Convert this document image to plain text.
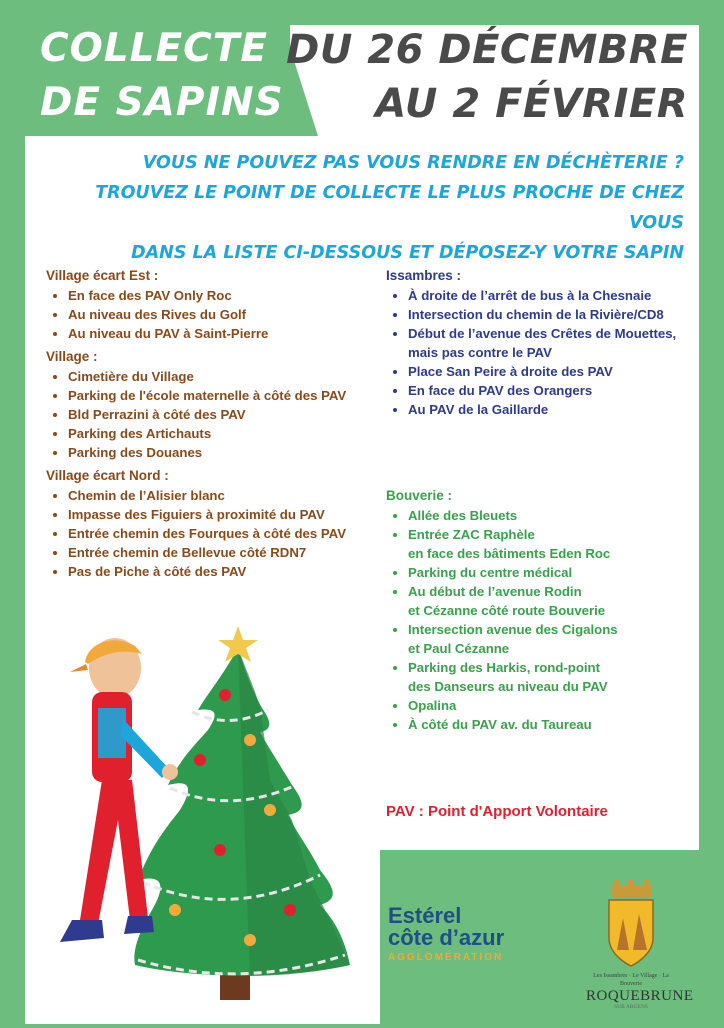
COLLECTE
DE SAPINS
DU 26 DÉCEMBRE
AU 2 FÉVRIER
VOUS NE POUVEZ PAS VOUS RENDRE EN DÉCHÈTERIE ?
TROUVEZ LE POINT DE COLLECTE LE PLUS PROCHE DE CHEZ VOUS
DANS LA LISTE CI-DESSOUS ET DÉPOSEZ-Y VOTRE SAPIN
Village écart Est :
• En face des PAV Only Roc
• Au niveau des Rives du Golf
• Au niveau du PAV à Saint-Pierre
Village :
• Cimetière du Village
• Parking de l'école maternelle à côté des PAV
• Bld Perrazini à côté des PAV
• Parking des Artichauts
• Parking des Douanes
Village écart Nord :
• Chemin de l’Alisier blanc
• Impasse des Figuiers à proximité du PAV
• Entrée chemin des Fourques à côté des PAV
• Entrée chemin de Bellevue côté RDN7
• Pas de Piche à côté des PAV
Issambres :
• À droite de l’arrêt de bus à la Chesnaie
• Intersection du chemin de la Rivière/CD8
• Début de l’avenue des Crêtes de Mouettes,
mais pas contre le PAV
• Place San Peire à droite des PAV
• En face du PAV des Orangers
• Au PAV de la Gaillarde
Bouverie :
• Allée des Bleuets
• Entrée ZAC Raphèle
en face des bâtiments Eden Roc
• Parking du centre médical
• Au début de l’avenue Rodin
et Cézanne côté route Bouverie
• Intersection avenue des Cigalons
et Paul Cézanne
• Parking des Harkis, rond-point
des Danseurs au niveau du PAV
• Opalina
• À côté du PAV av. du Taureau
PAV : Point d'Apport Volontaire
Estérel
côte d’azur
AGGLOMÉRATION
Les Issambres · Le Village · La Bouverie
ROQUEBRUNE
SUR ARGENS
